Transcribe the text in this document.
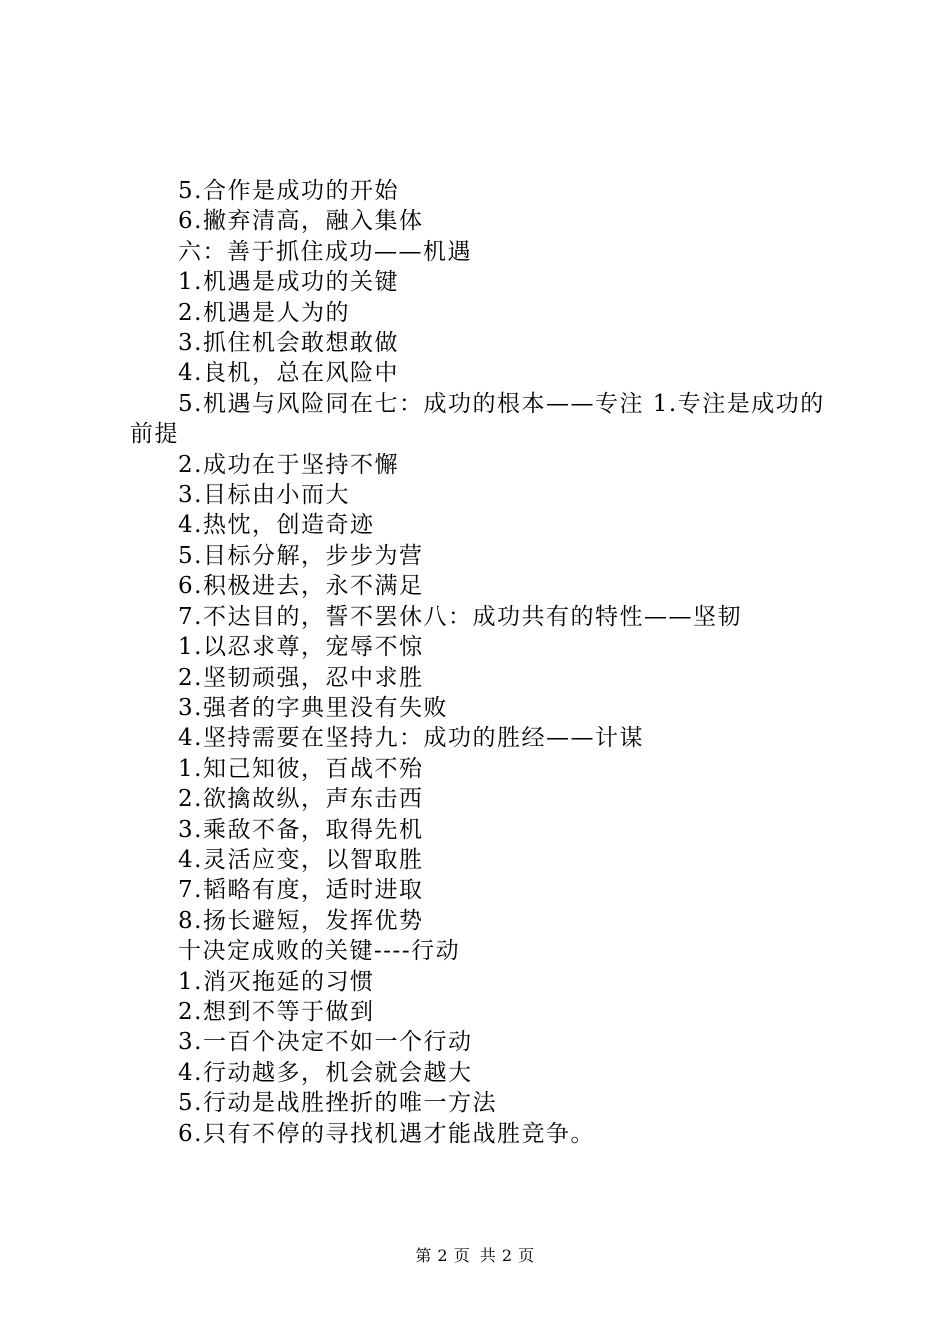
5.合作是成功的开始

6.撇弃清高，融入集体

六：善于抓住成功——机遇

1.机遇是成功的关键

2.机遇是人为的

3.抓住机会敢想敢做

4.良机，总在风险中

5.机遇与风险同在七：成功的根本——专注 1.专注是成功的前提

2.成功在于坚持不懈

3.目标由小而大

4.热忱，创造奇迹

5.目标分解，步步为营

6.积极进去，永不满足

7.不达目的，誓不罢休八：成功共有的特性——坚韧

1.以忍求尊，宠辱不惊

2.坚韧顽强，忍中求胜

3.强者的字典里没有失败

4.坚持需要在坚持九：成功的胜经——计谋

1.知己知彼，百战不殆

2.欲擒故纵，声东击西

3.乘敌不备，取得先机

4.灵活应变，以智取胜

7.韬略有度，适时进取

8.扬长避短，发挥优势

十决定成败的关键----行动

1.消灭拖延的习惯

2.想到不等于做到

3.一百个决定不如一个行动

4.行动越多，机会就会越大

5.行动是战胜挫折的唯一方法

6.只有不停的寻找机遇才能战胜竞争。

第 2 页 共 2 页
